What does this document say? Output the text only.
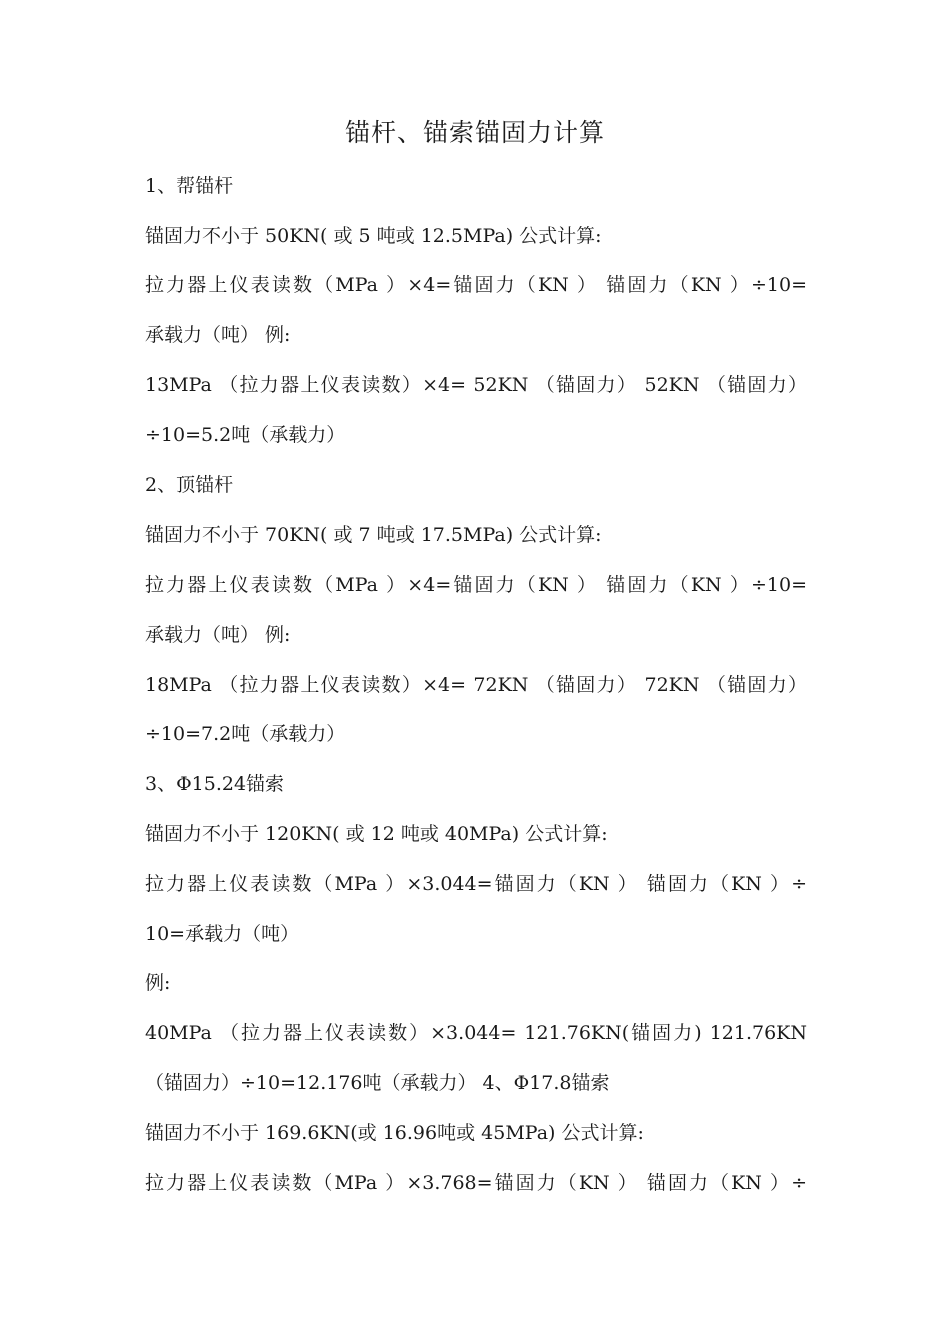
锚杆、锚索锚固力计算
1、帮锚杆
锚固力不小于 50KN( 或 5 吨或 12.5MPa) 公式计算:
拉力器上仪表读数（MPa ）×4=锚固力（KN ） 锚固力（KN ）÷10=
承载力（吨） 例:
13MPa （拉力器上仪表读数）×4= 52KN （锚固力） 52KN （锚固力）
÷10=5.2吨（承载力）
2、顶锚杆
锚固力不小于 70KN( 或 7 吨或 17.5MPa) 公式计算:
拉力器上仪表读数（MPa ）×4=锚固力（KN ） 锚固力（KN ）÷10=
承载力（吨） 例:
18MPa （拉力器上仪表读数）×4= 72KN （锚固力） 72KN （锚固力）
÷10=7.2吨（承载力）
3、Φ15.24锚索
锚固力不小于 120KN( 或 12 吨或 40MPa) 公式计算:
拉力器上仪表读数（MPa ）×3.044=锚固力（KN ） 锚固力（KN ）÷
10=承载力（吨）
例:
40MPa （拉力器上仪表读数）×3.044= 121.76KN(锚固力) 121.76KN
（锚固力）÷10=12.176吨（承载力） 4、Φ17.8锚索
锚固力不小于 169.6KN(或 16.96吨或 45MPa) 公式计算:
拉力器上仪表读数（MPa ）×3.768=锚固力（KN ） 锚固力（KN ）÷
